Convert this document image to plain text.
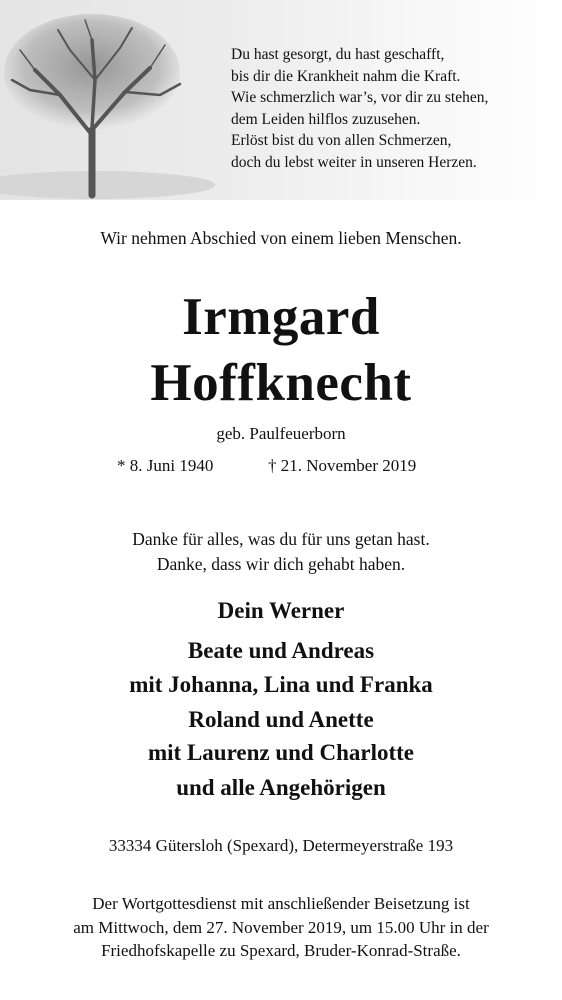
Du hast gesorgt, du hast geschafft,
bis dir die Krankheit nahm die Kraft.
Wie schmerzlich war’s, vor dir zu stehen,
dem Leiden hilflos zuzusehen.
Erlöst bist du von allen Schmerzen,
doch du lebst weiter in unseren Herzen.
Wir nehmen Abschied von einem lieben Menschen.
Irmgard
Hoffknecht
geb. Paulfeuerborn
* 8. Juni 1940	† 21. November 2019
Danke für alles, was du für uns getan hast.
Danke, dass wir dich gehabt haben.
Dein Werner
Beate und Andreas
mit Johanna, Lina und Franka
Roland und Anette
mit Laurenz und Charlotte
und alle Angehörigen
33334 Gütersloh (Spexard), Determeyerstraße 193
Der Wortgottesdienst mit anschließender Beisetzung ist
am Mittwoch, dem 27. November 2019, um 15.00 Uhr in der
Friedhofskapelle zu Spexard, Bruder-Konrad-Straße.
